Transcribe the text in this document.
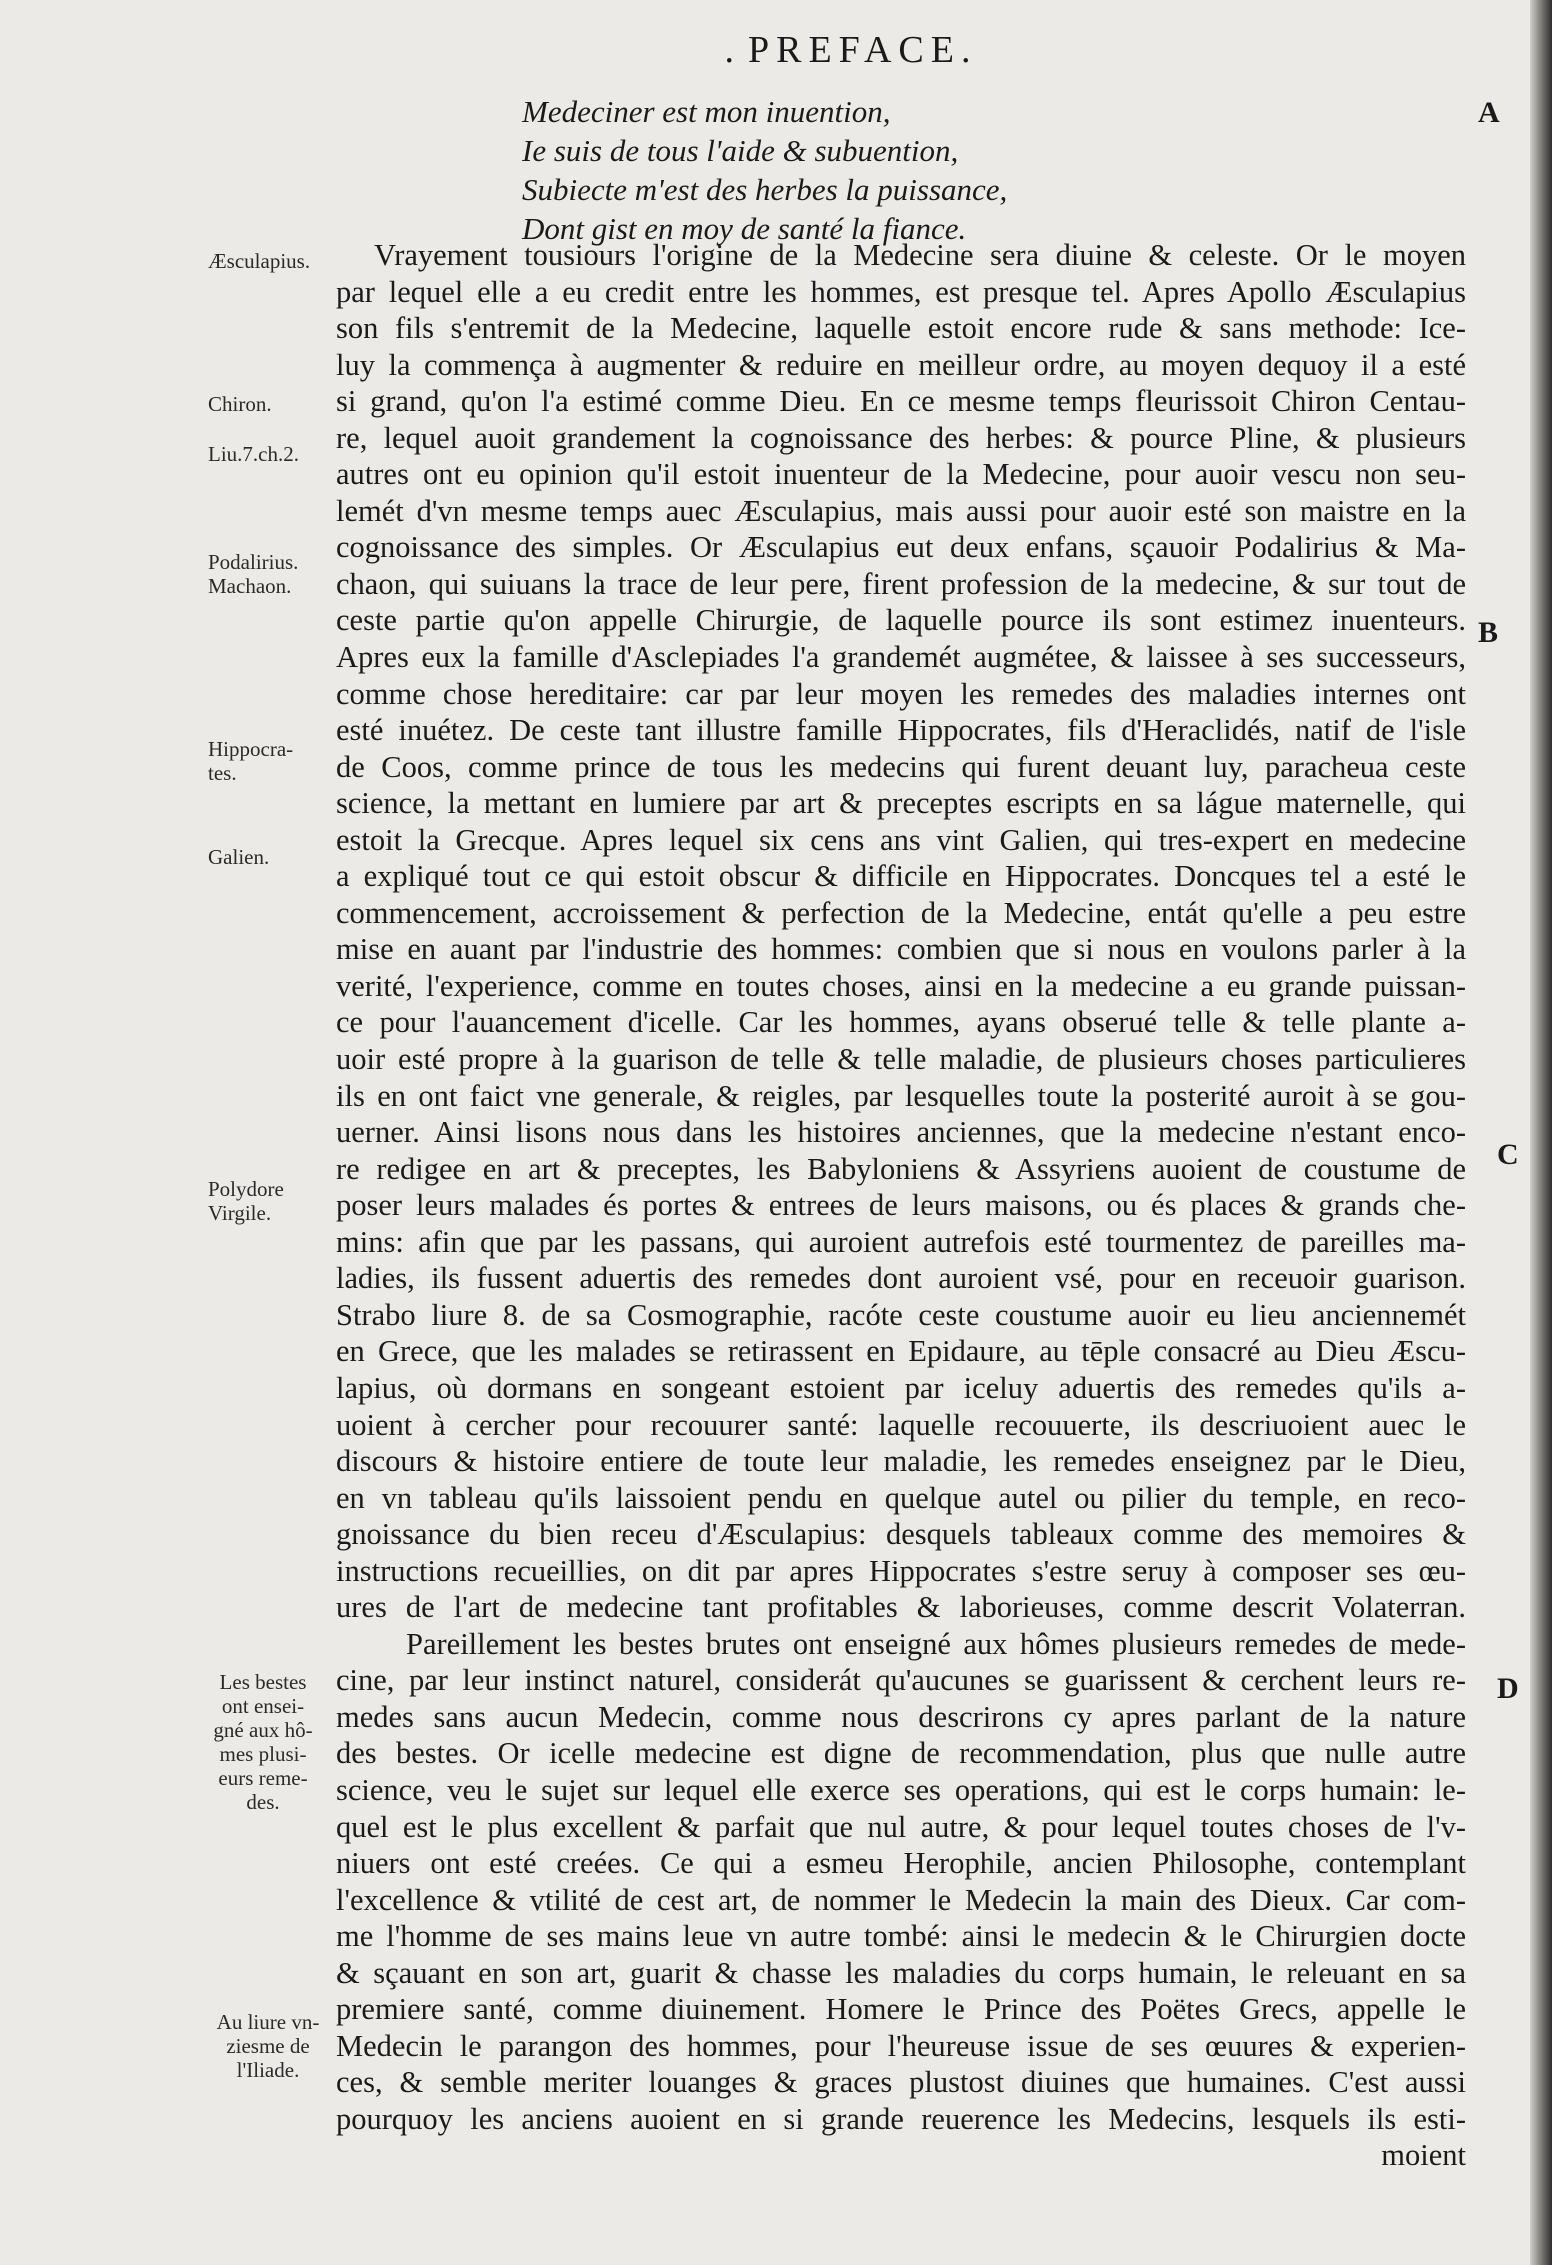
. PREFACE.
Medeciner est mon inuention,
Ie suis de tous l'aide & subuention,
Subiecte m'est des herbes la puissance,
Dont gist en moy de santé la fiance.
A
B
C
D
Æsculapius.
Chiron.
Liu.7.ch.2.
Podalirius.
Machaon.
Hippocra-
tes.
Galien.
Polydore
Virgile.
Les bestes
ont ensei-
gné aux hô-
mes plusi-
eurs reme-
des.
Au liure vn-
ziesme de
l'Iliade.
Vrayement tousiours l'origine de la Medecine sera diuine & celeste. Or le moyen
par lequel elle a eu credit entre les hommes, est presque tel. Apres Apollo Æsculapius
son fils s'entremit de la Medecine, laquelle estoit encore rude & sans methode: Ice-
luy la commença à augmenter & reduire en meilleur ordre, au moyen dequoy il a esté
si grand, qu'on l'a estimé comme Dieu. En ce mesme temps fleurissoit Chiron Centau-
re, lequel auoit grandement la cognoissance des herbes: & pource Pline, & plusieurs
autres ont eu opinion qu'il estoit inuenteur de la Medecine, pour auoir vescu non seu-
lemét d'vn mesme temps auec Æsculapius, mais aussi pour auoir esté son maistre en la
cognoissance des simples. Or Æsculapius eut deux enfans, sçauoir Podalirius & Ma-
chaon, qui suiuans la trace de leur pere, firent profession de la medecine, & sur tout de
ceste partie qu'on appelle Chirurgie, de laquelle pource ils sont estimez inuenteurs.
Apres eux la famille d'Asclepiades l'a grandemét augmétee, & laissee à ses successeurs,
comme chose hereditaire: car par leur moyen les remedes des maladies internes ont
esté inuétez. De ceste tant illustre famille Hippocrates, fils d'Heraclidés, natif de l'isle
de Coos, comme prince de tous les medecins qui furent deuant luy, paracheua ceste
science, la mettant en lumiere par art & preceptes escripts en sa lágue maternelle, qui
estoit la Grecque. Apres lequel six cens ans vint Galien, qui tres-expert en medecine
a expliqué tout ce qui estoit obscur & difficile en Hippocrates. Doncques tel a esté le
commencement, accroissement & perfection de la Medecine, entát qu'elle a peu estre
mise en auant par l'industrie des hommes: combien que si nous en voulons parler à la
verité, l'experience, comme en toutes choses, ainsi en la medecine a eu grande puissan-
ce pour l'auancement d'icelle. Car les hommes, ayans obserué telle & telle plante a-
uoir esté propre à la guarison de telle & telle maladie, de plusieurs choses particulieres
ils en ont faict vne generale, & reigles, par lesquelles toute la posterité auroit à se gou-
uerner. Ainsi lisons nous dans les histoires anciennes, que la medecine n'estant enco-
re redigee en art & preceptes, les Babyloniens & Assyriens auoient de coustume de
poser leurs malades és portes & entrees de leurs maisons, ou és places & grands che-
mins: afin que par les passans, qui auroient autrefois esté tourmentez de pareilles ma-
ladies, ils fussent aduertis des remedes dont auroient vsé, pour en receuoir guarison.
Strabo liure 8. de sa Cosmographie, racóte ceste coustume auoir eu lieu anciennemét
en Grece, que les malades se retirassent en Epidaure, au tēple consacré au Dieu Æscu-
lapius, où dormans en songeant estoient par iceluy aduertis des remedes qu'ils a-
uoient à cercher pour recouurer santé: laquelle recouuerte, ils descriuoient auec le
discours & histoire entiere de toute leur maladie, les remedes enseignez par le Dieu,
en vn tableau qu'ils laissoient pendu en quelque autel ou pilier du temple, en reco-
gnoissance du bien receu d'Æsculapius: desquels tableaux comme des memoires &
instructions recueillies, on dit par apres Hippocrates s'estre seruy à composer ses œu-
ures de l'art de medecine tant profitables & laborieuses, comme descrit Volaterran.
Pareillement les bestes brutes ont enseigné aux hômes plusieurs remedes de mede-
cine, par leur instinct naturel, considerát qu'aucunes se guarissent & cerchent leurs re-
medes sans aucun Medecin, comme nous descrirons cy apres parlant de la nature
des bestes. Or icelle medecine est digne de recommendation, plus que nulle autre
science, veu le sujet sur lequel elle exerce ses operations, qui est le corps humain: le-
quel est le plus excellent & parfait que nul autre, & pour lequel toutes choses de l'v-
niuers ont esté creées. Ce qui a esmeu Herophile, ancien Philosophe, contemplant
l'excellence & vtilité de cest art, de nommer le Medecin la main des Dieux. Car com-
me l'homme de ses mains leue vn autre tombé: ainsi le medecin & le Chirurgien docte
& sçauant en son art, guarit & chasse les maladies du corps humain, le releuant en sa
premiere santé, comme diuinement. Homere le Prince des Poëtes Grecs, appelle le
Medecin le parangon des hommes, pour l'heureuse issue de ses œuures & experien-
ces, & semble meriter louanges & graces plustost diuines que humaines. C'est aussi
pourquoy les anciens auoient en si grande reuerence les Medecins, lesquels ils esti-
moient
